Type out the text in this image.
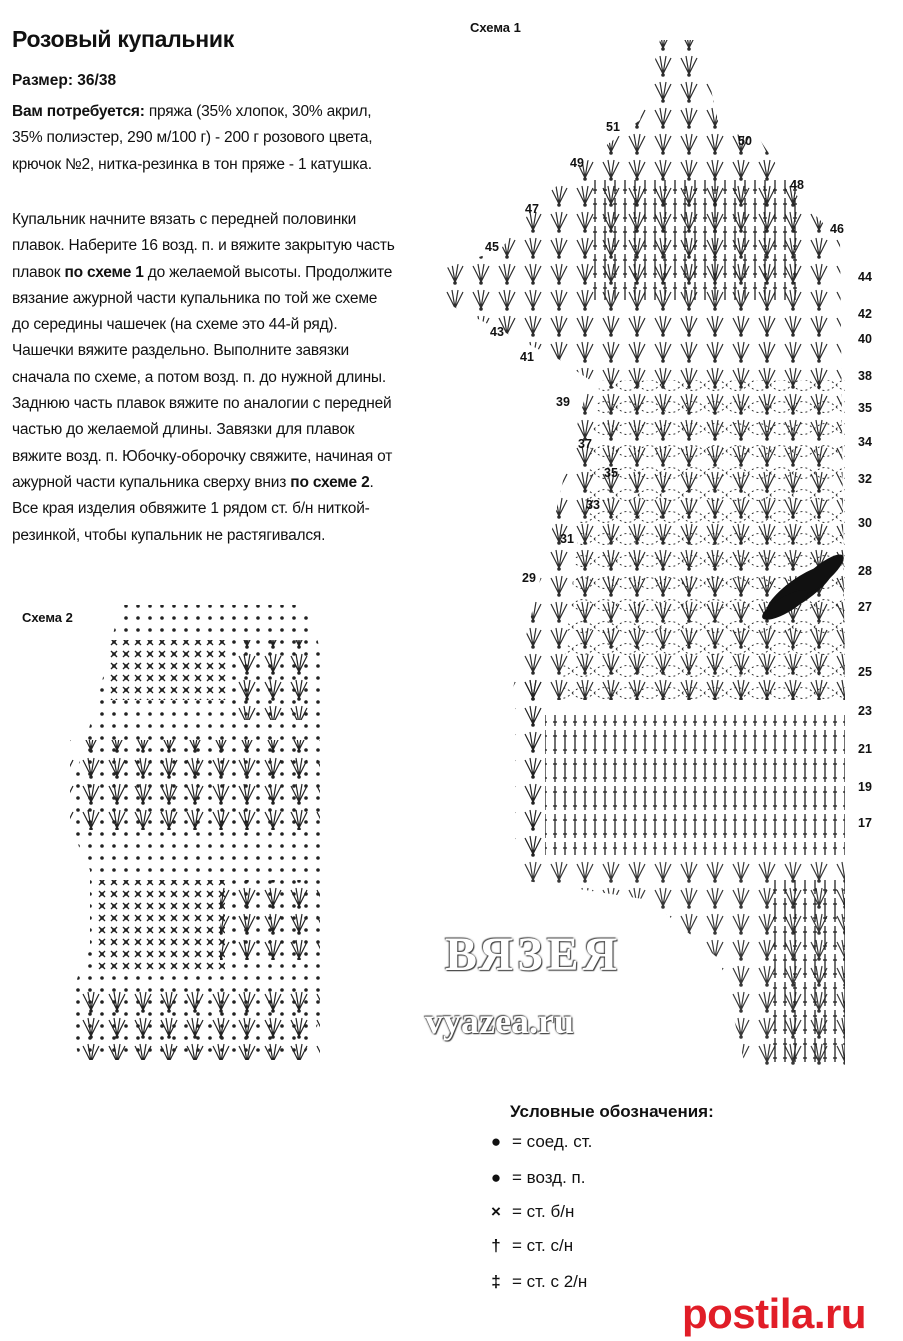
Розовый купальник
Размер: 36/38

Вам потребуется: пряжа (35% хлопок, 30% акрил, 35% полиэстер, 290 м/100 г) - 200 г розового цвета, крючок №2, нитка-резинка в тон пряже - 1 катушка.

Купальник начните вязать с передней половинки плавок. Наберите 16 возд. п. и вяжите закрытую часть плавок по схеме 1 до желаемой высоты. Продолжите вязание ажурной части купальника по той же схеме до середины чашечек (на схеме это 44-й ряд). Чашечки вяжите раздельно. Выполните завязки сначала по схеме, а потом возд. п. до нужной длины. Заднюю часть плавок вяжите по аналогии с передней частью до желаемой длины. Завязки для плавок вяжите возд. п. Юбочку-оборочку свяжите, начиная от ажурной части купальника сверху вниз по схеме 2. Все края изделия обвяжите 1 рядом ст. б/н ниткой-резинкой, чтобы купальник не растягивался.

Схема 1
Схема 2
51
49
47
45
43
41
39
37
35
33
31
29
50
48
46
44
42
40
38
35
34
32
30
28
27
25
23
21
19
17
ВЯЗЕЯ
vyazea.ru
Условные обозначения:
● = соед. ст.
● = возд. п.
× = ст. б/н
† = ст. с/н
‡ = ст. с 2/н
postila.ru
